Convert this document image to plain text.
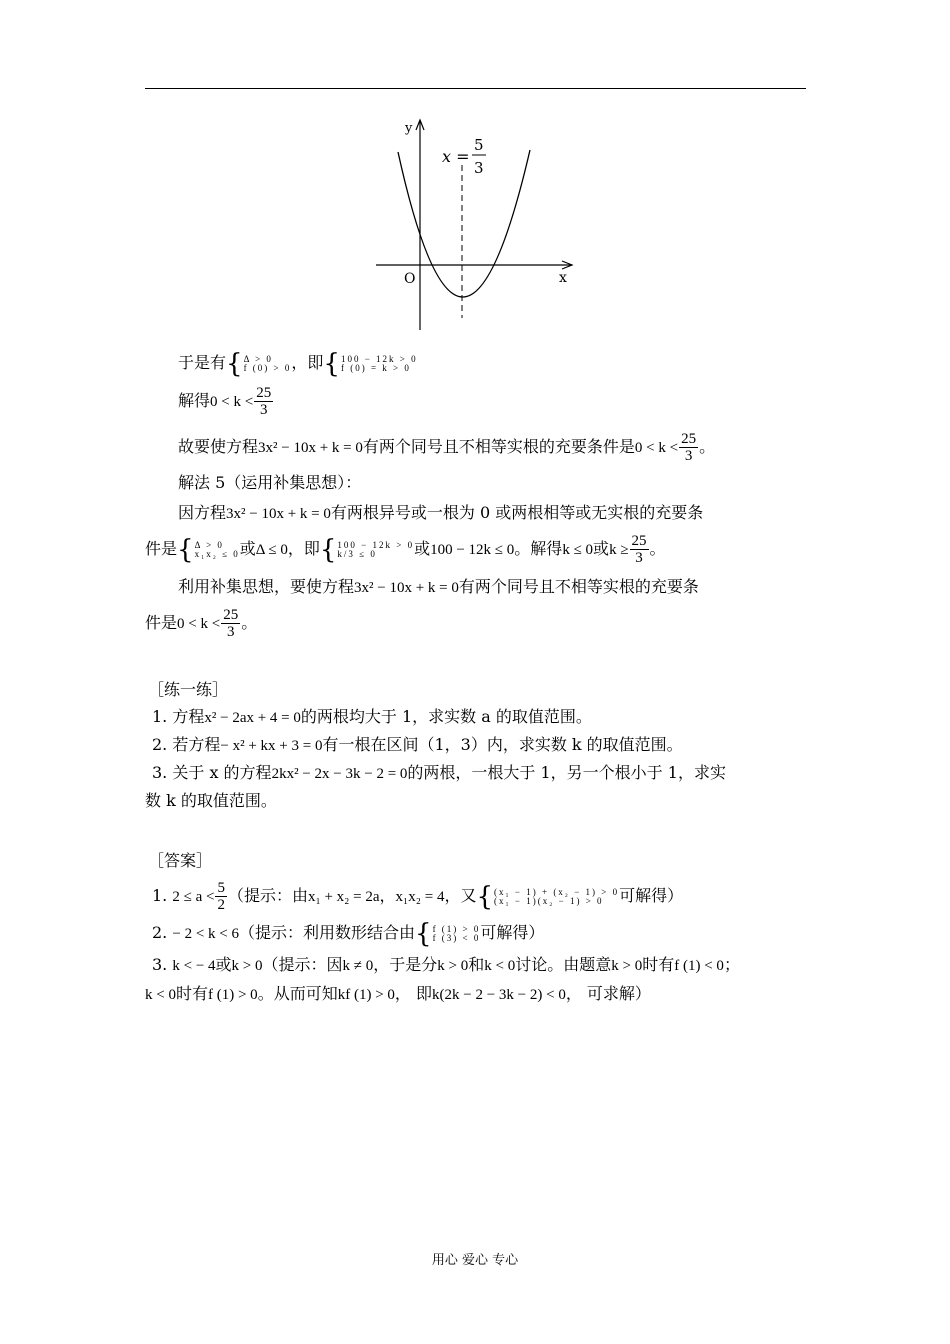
y
x
O
x =
5
3
于是有 { Δ > 0
f (0) > 0 ，即 { 100 − 12k > 0
f (0) = k > 0
解得$0 < k < \frac{25}{3}$
故要使方程3x² − 10x + k = 0有两个同号且不相等实根的充要条件是$0 < k < \frac{25}{3}$ 。
解法 5（运用补集思想）：
因方程3x² − 10x + k = 0有两根异号或一根为 0 或两根相等或无实根的充要条
件是 { Δ > 0
x₁x₂ ≤ 0 或Δ ≤ 0，即 { 100 − 12k > 0
k/3 ≤ 0	或100 − 12k ≤ 0。解得k ≤ 0或$k \ge \frac{25}{3}$ 。
利用补集思想，要使方程3x² − 10x + k = 0有两个同号且不相等实根的充要条
件是$0 < k < \frac{25}{3}$ 。
［练一练］
1. 方程x² − 2ax + 4 = 0的两根均大于 1，求实数 a 的取值范围。
2. 若方程− x² + kx + 3 = 0有一根在区间（1，3）内，求实数 k 的取值范围。
3. 关于 x 的方程2kx² − 2x − 3k − 2 = 0的两根，一根大于 1，另一个根小于 1，求实
数 k 的取值范围。
［答案］
1. $2 \le a < \frac{5}{2}$ （提示：由x₁ + x₂ = 2a，x₁x₂ = 4，又 { (x₁ − 1) + (x₂ − 1) > 0
(x₁ − 1)(x₂ − 1) > 0 可解得）
2. − 2 < k < 6（提示：利用数形结合由 { f (1) > 0
f (3) < 0 可解得）
3. k < − 4或k > 0（提示：因k ≠ 0，于是分k > 0和k < 0讨论。由题意k > 0时有f (1) < 0；
k < 0时有f (1) > 0。从而可知kf (1) > 0， 即k(2k − 2 − 3k − 2) < 0， 可求解）
用心 爱心 专心
